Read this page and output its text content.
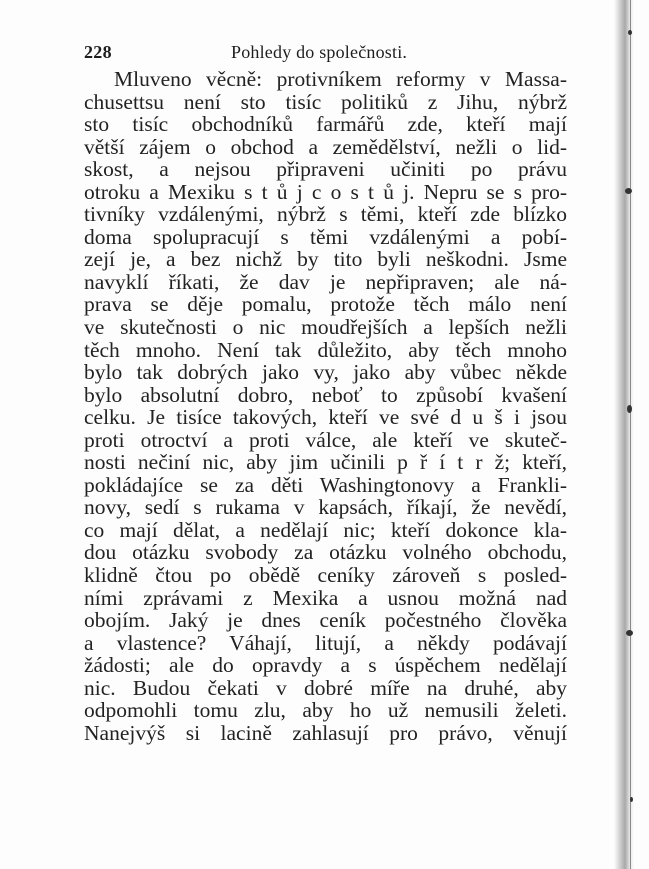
228	Pohledy do společnosti.
Mluveno věcně: protivníkem reformy v Massa-
chusettsu není sto tisíc politiků z Jihu, nýbrž
sto tisíc obchodníků farmářů zde, kteří mají
větší zájem o obchod a zemědělství, nežli o lid-
skost, a nejsou připraveni učiniti po právu
otroku a Mexiku s t ů j c o s t ů j. Nepru se s pro-
tivníky vzdálenými, nýbrž s těmi, kteří zde blízko
doma spolupracují s těmi vzdálenými a pobí-
zejí je, a bez nichž by tito byli neškodni. Jsme
navyklí říkati, že dav je nepřipraven; ale ná-
prava se děje pomalu, protože těch málo není
ve skutečnosti o nic moudřejších a lepších nežli
těch mnoho. Není tak důležito, aby těch mnoho
bylo tak dobrých jako vy, jako aby vůbec někde
bylo absolutní dobro, neboť to způsobí kvašení
celku. Je tisíce takových, kteří ve své d u š i jsou
proti otroctví a proti válce, ale kteří ve skuteč-
nosti nečiní nic, aby jim učinili p ř í t r ž; kteří,
pokládajíce se za děti Washingtonovy a Frankli-
novy, sedí s rukama v kapsách, říkají, že nevědí,
co mají dělat, a nedělají nic; kteří dokonce kla-
dou otázku svobody za otázku volného obchodu,
klidně čtou po obědě ceníky zároveň s posled-
ními zprávami z Mexika a usnou možná nad
obojím. Jaký je dnes ceník počestného člověka
a vlastence? Váhají, litují, a někdy podávají
žádosti; ale do opravdy a s úspěchem nedělají
nic. Budou čekati v dobré míře na druhé, aby
odpomohli tomu zlu, aby ho už nemusili želeti.
Nanejvýš si lacině zahlasují pro právo, věnují
